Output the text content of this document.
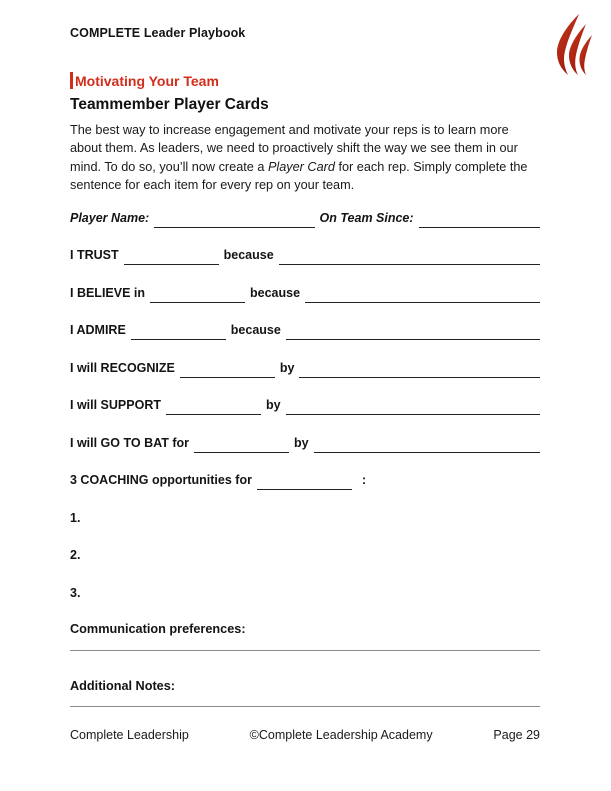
COMPLETE Leader Playbook
Motivating Your Team
Teammember Player Cards

The best way to increase engagement and motivate your reps is to learn more about them. As leaders, we need to proactively shift the way we see them in our mind. To do so, you’ll now create a Player Card for each rep. Simply complete the sentence for each item for every rep on your team.

Player Name:	On Team Since:
I TRUST	because
I BELIEVE in	because
I ADMIRE	because
I will RECOGNIZE	by
I will SUPPORT	by
I will GO TO BAT for	by
3 COACHING opportunities for	:
1.
2.
3.
Communication preferences:
Additional Notes:
Complete Leadership	©Complete Leadership Academy	Page 29
